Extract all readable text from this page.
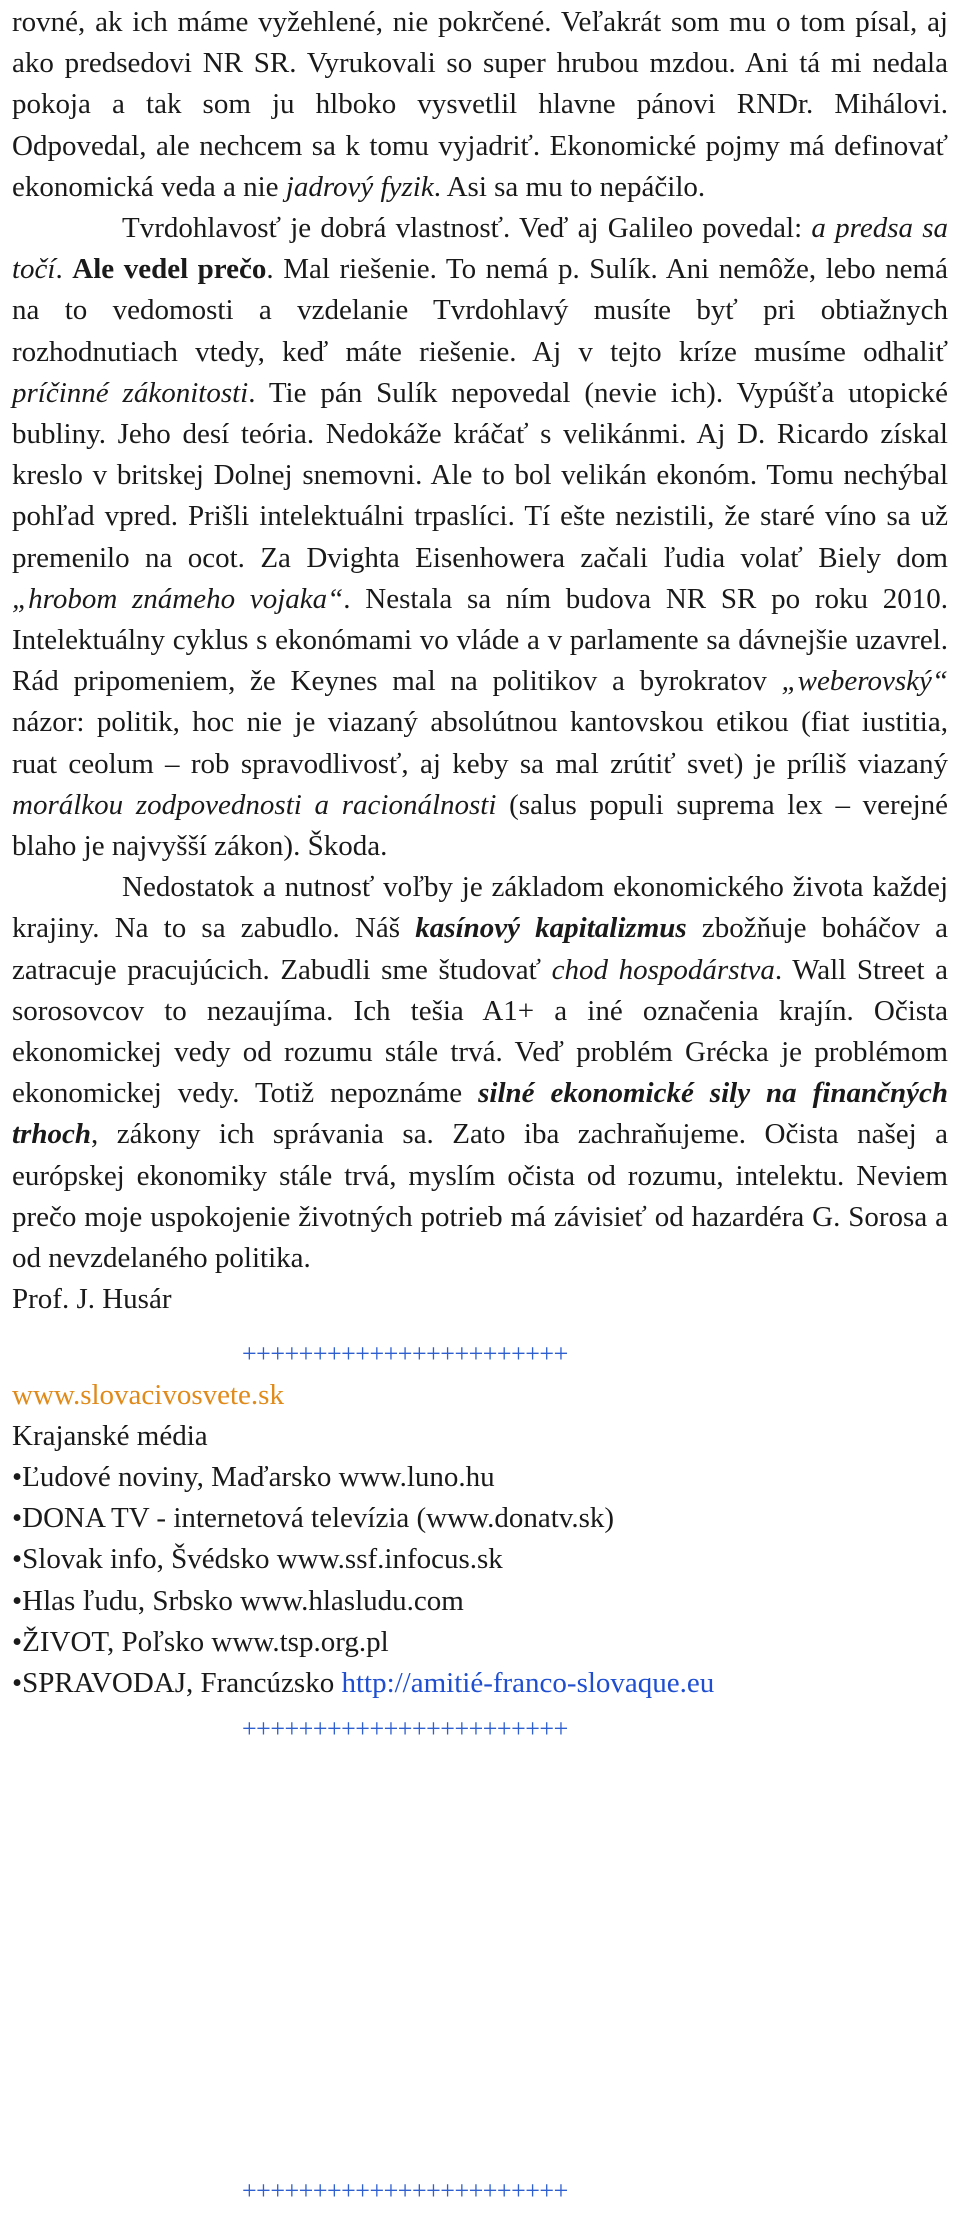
rovné, ak ich máme vyžehlené, nie pokrčené. Veľakrát som mu o tom písal, aj ako predsedovi NR SR. Vyrukovali so super hrubou mzdou. Ani tá mi nedala pokoja a tak som ju hlboko vysvetlil hlavne pánovi RNDr. Mihálovi. Odpovedal, ale nechcem sa k tomu vyjadriť. Ekonomické pojmy má definovať ekonomická veda a nie jadrový fyzik. Asi sa mu to nepáčilo.

Tvrdohlavosť je dobrá vlastnosť. Veď aj Galileo povedal: a predsa sa točí. Ale vedel prečo. Mal riešenie. To nemá p. Sulík. Ani nemôže, lebo nemá na to vedomosti a vzdelanie Tvrdohlavý musíte byť pri obtiažnych rozhodnutiach vtedy, keď máte riešenie. Aj v tejto kríze musíme odhaliť príčinné zákonitosti. Tie pán Sulík nepovedal (nevie ich). Vypúšťa utopické bubliny. Jeho desí teória. Nedokáže kráčať s velikánmi. Aj D. Ricardo získal kreslo v britskej Dolnej snemovni. Ale to bol velikán ekonóm. Tomu nechýbal pohľad vpred. Prišli intelektuálni trpaslíci. Tí ešte nezistili, že staré víno sa už premenilo na ocot. Za Dvighta Eisenhowera začali ľudia volať Biely dom „hrobom známeho vojaka“. Nestala sa ním budova NR SR po roku 2010. Intelektuálny cyklus s ekonómami vo vláde a v parlamente sa dávnejšie uzavrel. Rád pripomeniem, že Keynes mal na politikov a byrokratov „weberovský“ názor: politik, hoc nie je viazaný absolútnou kantovskou etikou (fiat iustitia, ruat ceolum – rob spravodlivosť, aj keby sa mal zrútiť svet) je príliš viazaný morálkou zodpovednosti a racionálnosti (salus populi suprema lex – verejné blaho je najvyšší zákon). Škoda.

Nedostatok a nutnosť voľby je základom ekonomického života každej krajiny. Na to sa zabudlo. Náš kasínový kapitalizmus zbožňuje boháčov a zatracuje pracujúcich. Zabudli sme študovať chod hospodárstva. Wall Street a sorosovcov to nezaujíma. Ich tešia A1+ a iné označenia krajín. Očista ekonomickej vedy od rozumu stále trvá. Veď problém Grécka je problémom ekonomickej vedy. Totiž nepoznáme silné ekonomické sily na finančných trhoch, zákony ich správania sa. Zato iba zachraňujeme. Očista našej a európskej ekonomiky stále trvá, myslím očista od rozumu, intelektu. Neviem prečo moje uspokojenie životných potrieb má závisieť od hazardéra G. Sorosa a od nevzdelaného politika.

Prof. J. Husár

+++++++++++++++++++++++
www.slovacivosvete.sk
Krajanské média
•Ľudové noviny, Maďarsko www.luno.hu
•DONA TV - internetová televízia (www.donatv.sk)
•Slovak info, Švédsko www.ssf.infocus.sk
•Hlas ľudu, Srbsko www.hlasludu.com
•ŽIVOT, Poľsko www.tsp.org.pl
•SPRAVODAJ, Francúzsko http://amitié-franco-slovaque.eu
+++++++++++++++++++++++
+++++++++++++++++++++++
